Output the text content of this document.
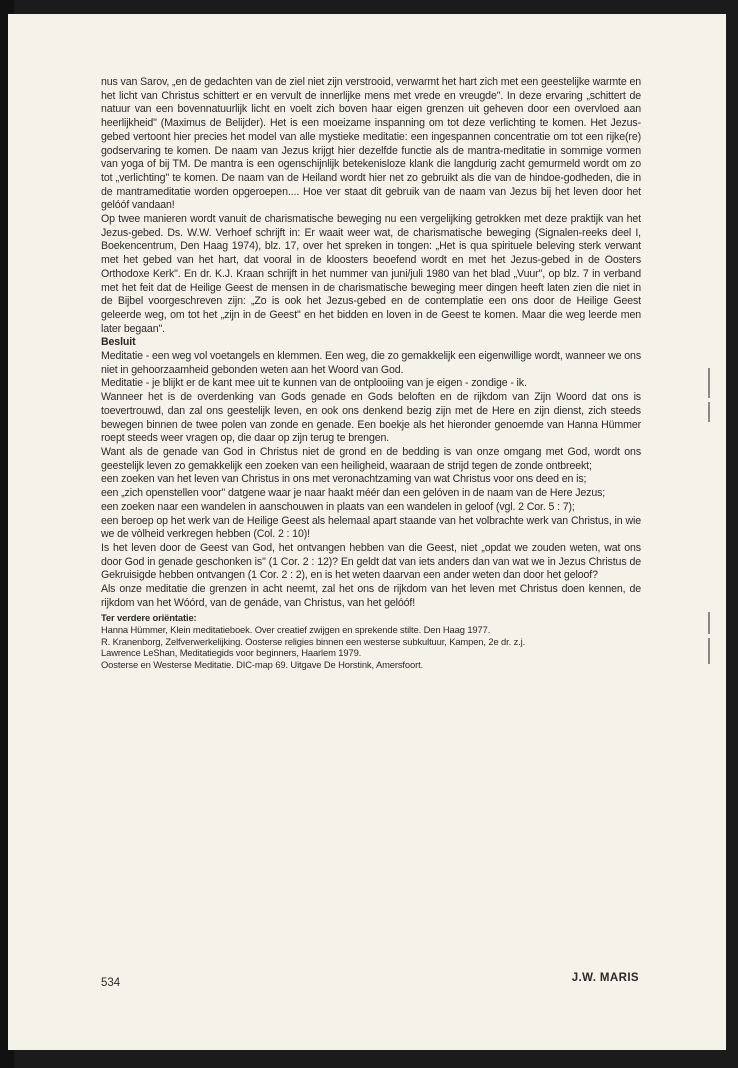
nus van Sarov, „en de gedachten van de ziel niet zijn verstrooid, verwarmt het hart zich met een geestelijke warmte en het licht van Christus schittert er en vervult de innerlijke mens met vrede en vreugde". In deze ervaring „schittert de natuur van een bovennatuurlijk licht en voelt zich boven haar eigen grenzen uit geheven door een overvloed aan heerlijkheid" (Maximus de Belijder). Het is een moeizame inspanning om tot deze verlichting te komen. Het Jezus-gebed vertoont hier precies het model van alle mystieke meditatie: een ingespannen concentratie om tot een rijke(re) godservaring te komen. De naam van Jezus krijgt hier dezelfde functie als de mantra-meditatie in sommige vormen van yoga of bij TM. De mantra is een ogenschijnlijk betekenisloze klank die langdurig zacht gemurmeld wordt om zo tot „verlichting" te komen. De naam van de Heiland wordt hier net zo gebruikt als die van de hindoe-godheden, die in de mantrameditatie worden opgeroepen.... Hoe ver staat dit gebruik van de naam van Jezus bij het leven door het gelóóf vandaan!

Op twee manieren wordt vanuit de charismatische beweging nu een vergelijking getrokken met deze praktijk van het Jezus-gebed. Ds. W.W. Verhoef schrijft in: Er waait weer wat, de charismatische beweging (Signalen-reeks deel I, Boekencentrum, Den Haag 1974), blz. 17, over het spreken in tongen: „Het is qua spirituele beleving sterk verwant met het gebed van het hart, dat vooral in de kloosters beoefend wordt en met het Jezus-gebed in de Oosters Orthodoxe Kerk". En dr. K.J. Kraan schrijft in het nummer van juni/juli 1980 van het blad „Vuur", op blz. 7 in verband met het feit dat de Heilige Geest de mensen in de charismatische beweging meer dingen heeft laten zien die niet in de Bijbel voorgeschreven zijn: „Zo is ook het Jezus-gebed en de contemplatie een ons door de Heilige Geest geleerde weg, om tot het „zijn in de Geest" en het bidden en loven in de Geest te komen. Maar die weg leerde men later begaan".

Besluit

Meditatie - een weg vol voetangels en klemmen. Een weg, die zo gemakkelijk een eigenwillige wordt, wanneer we ons niet in gehoorzaamheid gebonden weten aan het Woord van God.

Meditatie - je blijkt er de kant mee uit te kunnen van de ontplooiing van je eigen - zondige - ik.

Wanneer het is de overdenking van Gods genade en Gods beloften en de rijkdom van Zijn Woord dat ons is toevertrouwd, dan zal ons geestelijk leven, en ook ons denkend bezig zijn met de Here en zijn dienst, zich steeds bewegen binnen de twee polen van zonde en genade. Een boekje als het hieronder genoemde van Hanna Hümmer roept steeds weer vragen op, die daar op zijn terug te brengen.

Want als de genade van God in Christus niet de grond en de bedding is van onze omgang met God, wordt ons geestelijk leven zo gemakkelijk een zoeken van een heiligheid, waaraan de strijd tegen de zonde ontbreekt;

een zoeken van het leven van Christus in ons met veronachtzaming van wat Christus voor ons deed en is;

een „zich openstellen voor" datgene waar je naar haakt méér dan een gelóven in de naam van de Here Jezus;

een zoeken naar een wandelen in aanschouwen in plaats van een wandelen in geloof (vgl. 2 Cor. 5 : 7);

een beroep op het werk van de Heilige Geest als helemaal apart staande van het volbrachte werk van Christus, in wie we de vòlheid verkregen hebben (Col. 2 : 10)!

Is het leven door de Geest van God, het ontvangen hebben van die Geest, niet „opdat we zouden weten, wat ons door God in genade geschonken is" (1 Cor. 2 : 12)? En geldt dat van iets anders dan van wat we in Jezus Christus de Gekruisigde hebben ontvangen (1 Cor. 2 : 2), en is het weten daarvan een ander weten dan door het geloof?

Als onze meditatie die grenzen in acht neemt, zal het ons de rijkdom van het leven met Christus doen kennen, de rijkdom van het Wóórd, van de genáde, van Christus, van het gelóóf!

Ter verdere oriëntatie:

Hanna Hümmer, Klein meditatieboek. Over creatief zwijgen en sprekende stilte. Den Haag 1977.

R. Kranenborg, Zelfverwerkelijking. Oosterse religies binnen een westerse subkultuur, Kampen, 2e dr. z.j.

Lawrence LeShan, Meditatiegids voor beginners, Haarlem 1979.

Oosterse en Westerse Meditatie. DIC-map 69. Uitgave De Horstink, Amersfoort.

534	J.W. MARIS
